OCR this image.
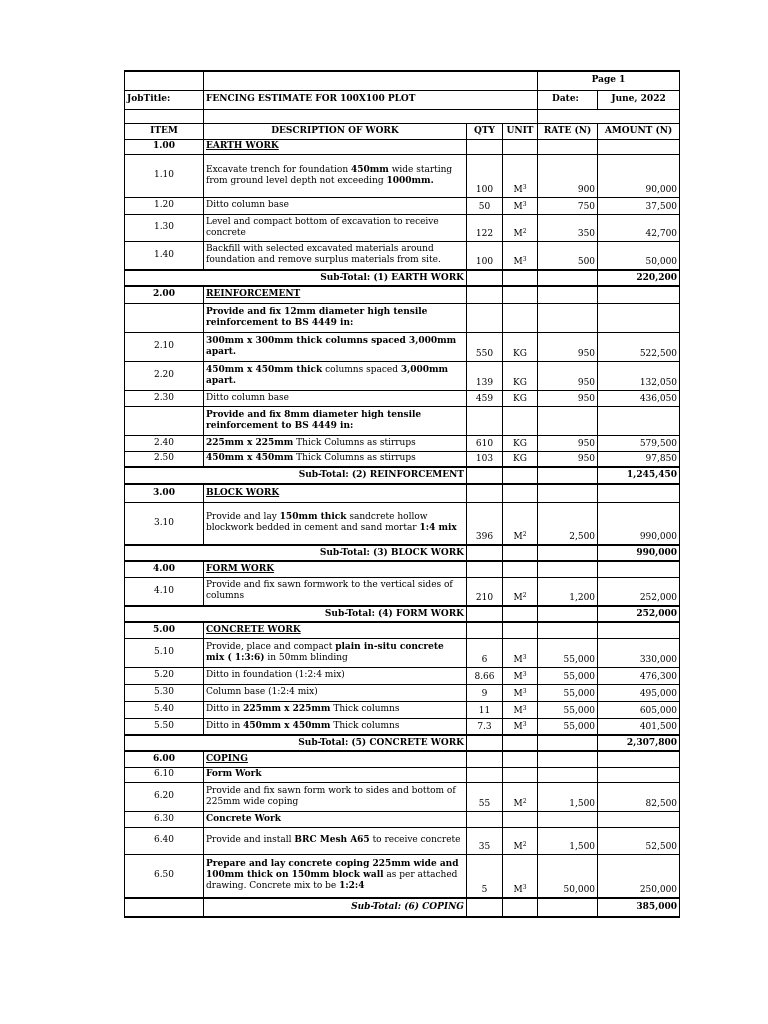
				Page 1	
JobTitle:	FENCING ESTIMATE FOR 100X100 PLOT			Date:	June, 2022

ITEM	DESCRIPTION OF WORK	QTY	UNIT	RATE (N)	AMOUNT (N)
1.00	EARTH WORK				
1.10	Excavate trench for foundation 450mm wide starting from ground level depth not exceeding 1000mm.	100	$M^3$	900	90,000
1.20	Ditto column base	50	$M^3$	750	37,500
1.30	Level and compact bottom of excavation to receive concrete	122	$M^2$	350	42,700
1.40	Backfill with selected excavated materials around foundation and remove surplus materials from site.	100	$M^3$	500	50,000
Sub-Total: (1) EARTH WORK					220,200
2.00	REINFORCEMENT				
	Provide and fix 12mm diameter high tensile reinforcement to BS 4449 in:				
2.10	300mm x 300mm thick columns spaced 3,000mm apart.	550	KG	950	522,500
2.20	450mm x 450mm thick columns spaced 3,000mm apart.	139	KG	950	132,050
2.30	Ditto column base	459	KG	950	436,050
	Provide and fix 8mm diameter high tensile reinforcement to BS 4449 in:				
2.40	225mm x 225mm Thick Columns as stirrups	610	KG	950	579,500
2.50	450mm x 450mm Thick Columns as stirrups	103	KG	950	97,850
Sub-Total: (2) REINFORCEMENT					1,245,450
3.00	BLOCK WORK				
3.10	Provide and lay 150mm thick sandcrete hollow blockwork bedded in cement and sand mortar 1:4 mix	396	$M^2$	2,500	990,000
Sub-Total: (3) BLOCK WORK					990,000
4.00	FORM WORK				
4.10	Provide and fix sawn formwork to the vertical sides of columns	210	$M^2$	1,200	252,000
Sub-Total: (4) FORM WORK					252,000
5.00	CONCRETE WORK				
5.10	Provide, place and compact plain in-situ concrete mix ( 1:3:6) in 50mm blinding	6	$M^3$	55,000	330,000
5.20	Ditto in foundation (1:2:4 mix)	8.66	$M^3$	55,000	476,300
5.30	Column base (1:2:4 mix)	9	$M^3$	55,000	495,000
5.40	Ditto in 225mm x 225mm Thick columns	11	$M^3$	55,000	605,000
5.50	Ditto in 450mm x 450mm Thick columns	7.3	$M^3$	55,000	401,500
Sub-Total: (5) CONCRETE WORK					2,307,800
6.00	COPING				
6.10	Form Work				
6.20	Provide and fix sawn form work to sides and bottom of 225mm wide coping	55	$M^2$	1,500	82,500
6.30	Concrete Work				
6.40	Provide and install BRC Mesh A65 to receive concrete	35	$M^2$	1,500	52,500
6.50	Prepare and lay concrete coping 225mm wide and 100mm thick on 150mm block wall as per attached drawing. Concrete mix to be 1:2:4	5	$M^3$	50,000	250,000
	Sub-Total: (6) COPING				385,000
